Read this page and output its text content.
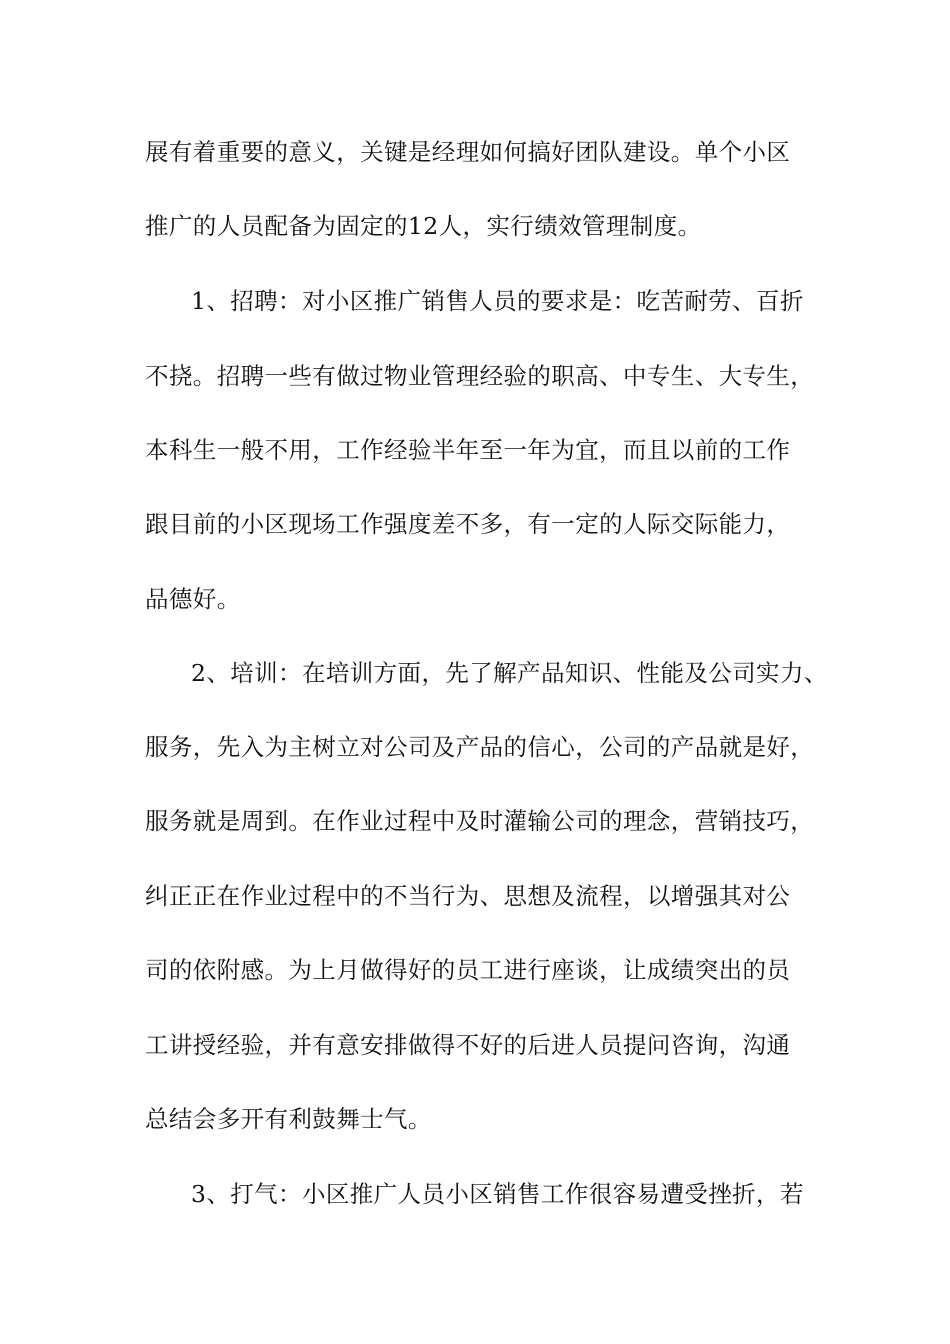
展有着重要的意义，关键是经理如何搞好团队建设。单个小区
推广的人员配备为固定的12人，实行绩效管理制度。
1、招聘：对小区推广销售人员的要求是：吃苦耐劳、百折
不挠。招聘一些有做过物业管理经验的职高、中专生、大专生，
本科生一般不用，工作经验半年至一年为宜，而且以前的工作
跟目前的小区现场工作强度差不多，有一定的人际交际能力，
品德好。
2、培训：在培训方面，先了解产品知识、性能及公司实力、
服务，先入为主树立对公司及产品的信心，公司的产品就是好，
服务就是周到。在作业过程中及时灌输公司的理念，营销技巧，
纠正正在作业过程中的不当行为、思想及流程，以增强其对公
司的依附感。为上月做得好的员工进行座谈，让成绩突出的员
工讲授经验，并有意安排做得不好的后进人员提问咨询，沟通
总结会多开有利鼓舞士气。
3、打气：小区推广人员小区销售工作很容易遭受挫折，若
